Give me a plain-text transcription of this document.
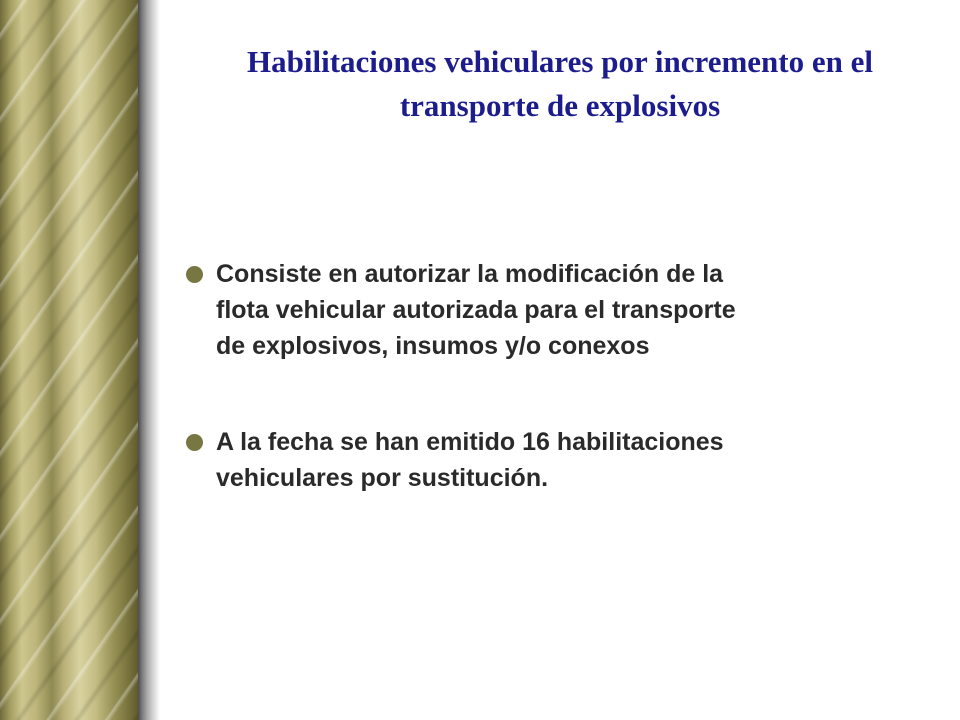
Habilitaciones vehiculares por incremento en el
transporte de explosivos
Consiste en autorizar la modificación de la
flota vehicular autorizada para el transporte
de explosivos, insumos y/o conexos
A la fecha se han emitido 16 habilitaciones
vehiculares por sustitución.
